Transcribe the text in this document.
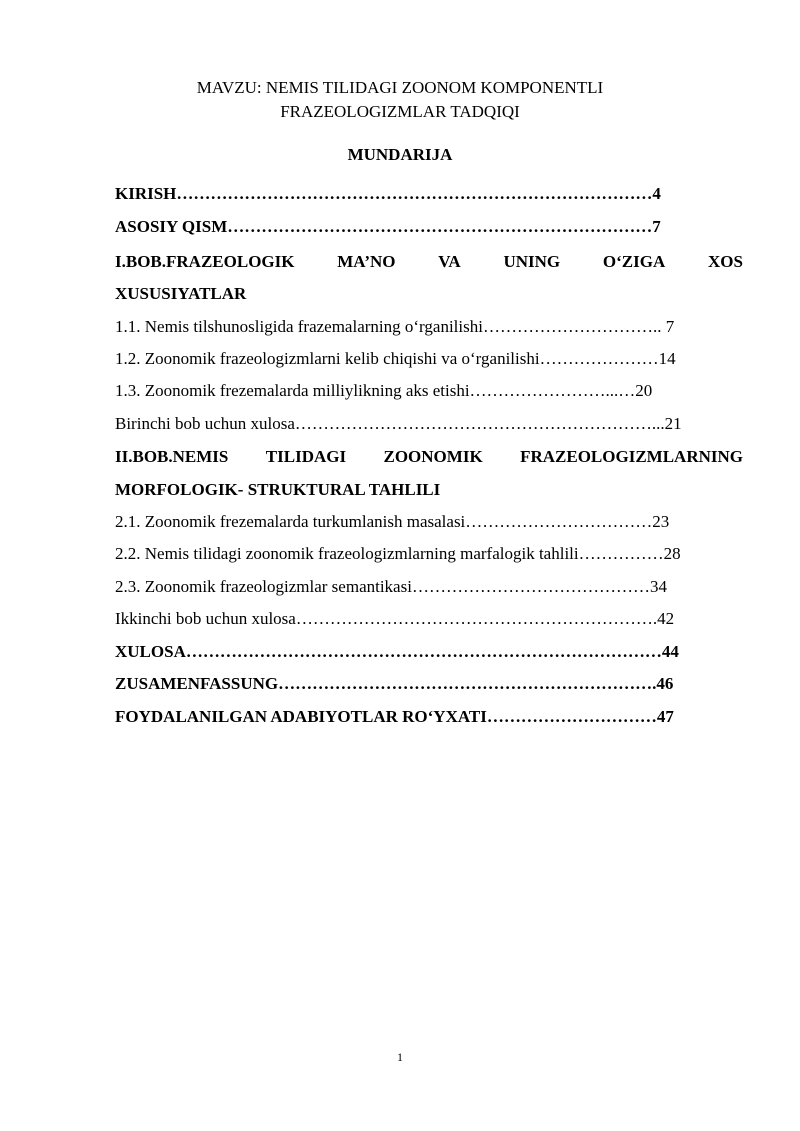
MAVZU: NEMIS TILIDAGI ZOONOM KOMPONENTLI
FRAZEOLOGIZMLAR TADQIQI
MUNDARIJA
KIRISH…………………………………………………………………………4
ASOSIY QISM…………………………………………………………………7
I.BOB.FRAZEOLOGIK	MA’NO	VA	UNING	O‘ZIGA	XOS
XUSUSIYATLAR
1.1. Nemis tilshunosligida frazemalarning o‘rganilishi………………………….. 7
1.2. Zoonomik frazeologizmlarni kelib chiqishi va o‘rganilishi…………………14
1.3. Zoonomik frezemalarda milliylikning aks etishi……………………...…20
Birinchi bob uchun xulosa………………………………………………………...21
II.BOB.NEMIS TILIDAGI ZOONOMIK FRAZEOLOGIZMLARNING
MORFOLOGIK- STRUKTURAL TAHLILI
2.1. Zoonomik frezemalarda turkumlanish masalasi……………………………23
2.2. Nemis tilidagi zoonomik frazeologizmlarning marfalogik tahlili……………28
2.3. Zoonomik frazeologizmlar semantikasi……………………………………34
Ikkinchi bob uchun xulosa……………………………………………………….42
XULOSA…………………………………………………………………………44
ZUSAMENFASSUNG………………………………………………………….46
FOYDALANILGAN ADABIYOTLAR RO‘YXATI…………………………47
1
